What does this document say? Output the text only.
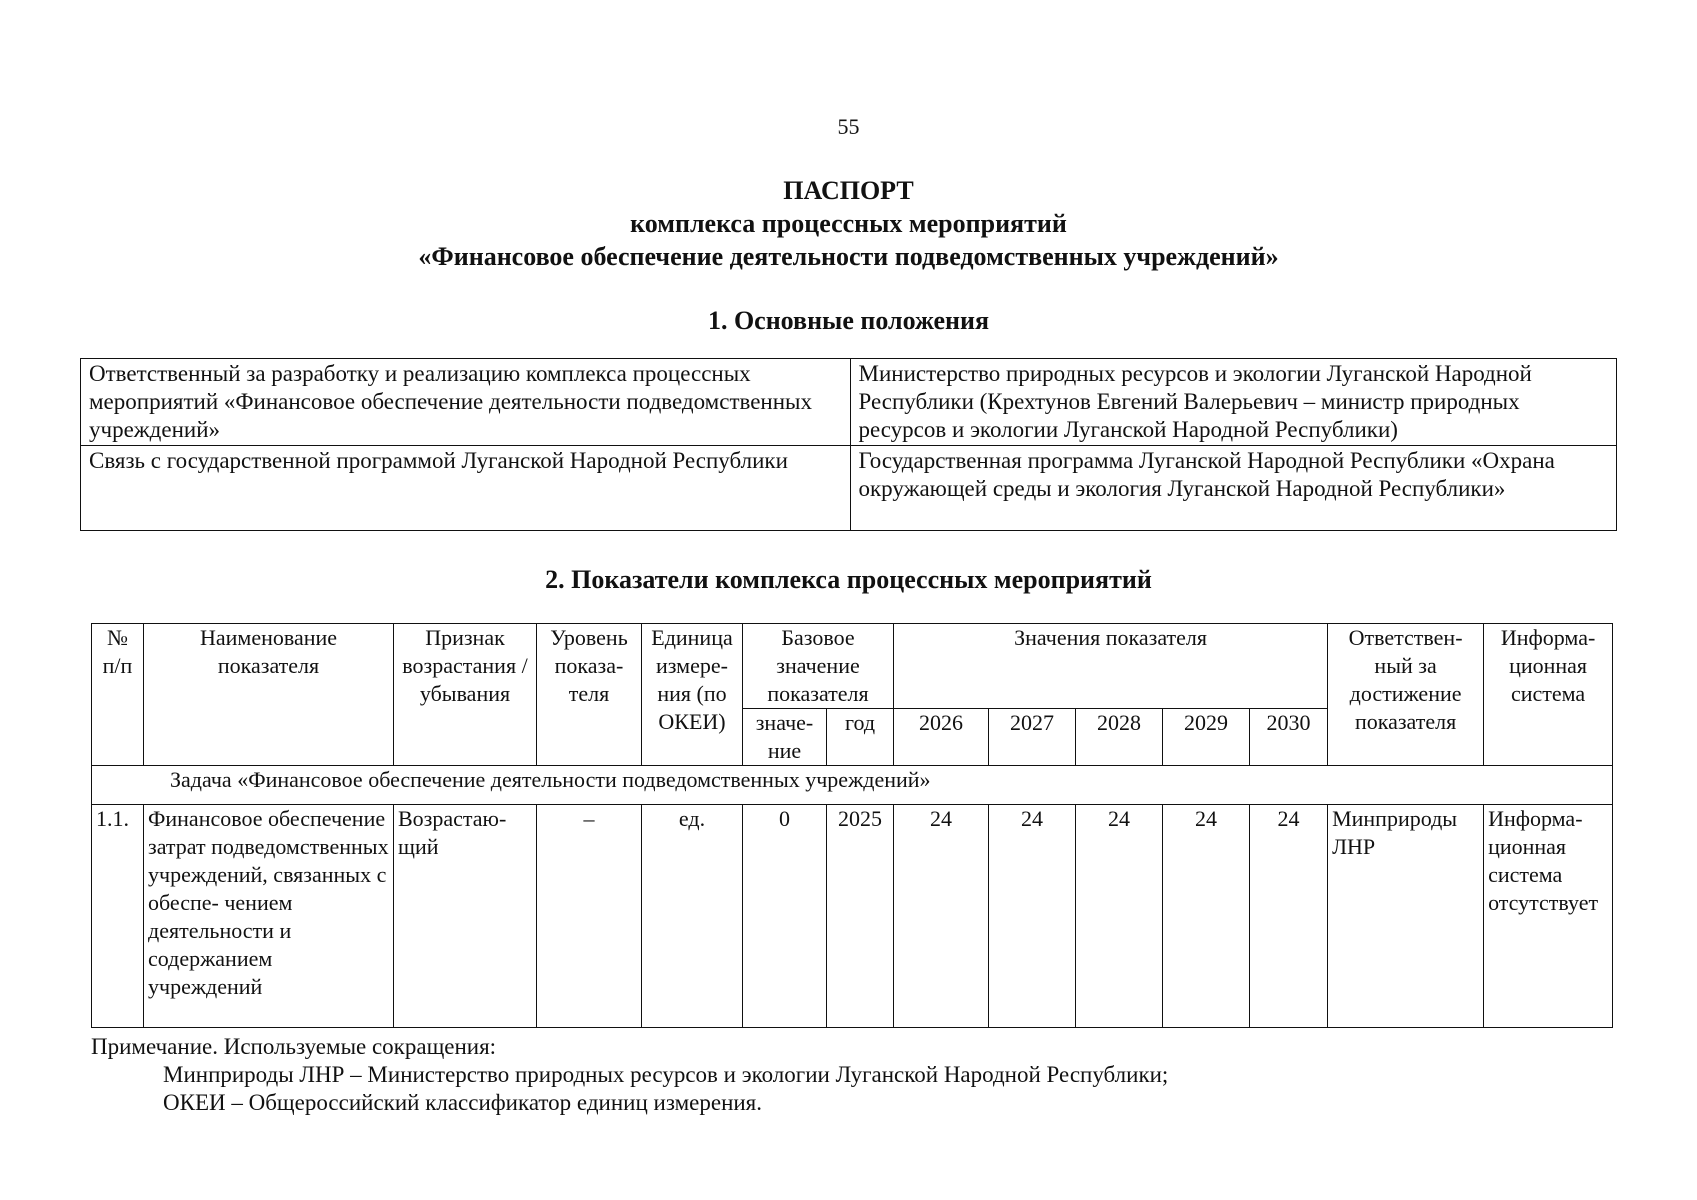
55
ПАСПОРТ
комплекса процессных мероприятий
«Финансовое обеспечение деятельности подведомственных учреждений»
1. Основные положения
Ответственный за разработку и реализацию комплекса процессных мероприятий «Финансовое обеспечение деятельности подведомственных учреждений»	Министерство природных ресурсов и экологии Луганской Народной Республики (Крехтунов Евгений Валерьевич – министр природных ресурсов и экологии Луганской Народной Республики)
Связь с государственной программой Луганской Народной Республики	Государственная программа Луганской Народной Республики «Охрана окружающей среды и экология Луганской Народной Республики»
2. Показатели комплекса процессных мероприятий
№ п/п	Наименование показателя	Признак возрастания / убывания	Уровень показа- теля	Единица измере- ния (по ОКЕИ)	Базовое значение показателя		Значения показателя					Ответствен- ный за достижение показателя	Информа- ционная система
					значе- ние	год	2026	2027	2028	2029	2030		
Задача «Финансовое обеспечение деятельности подведомственных учреждений»													
1.1.	Финансовое обеспечение затрат подведомственных учреждений, связанных с обеспе- чением деятельности и содержанием учреждений	Возрастаю- щий	–	ед.	0	2025	24	24	24	24	24	Минприроды ЛНР	Информа- ционная система отсутствует
Примечание. Используемые сокращения:
Минприроды ЛНР – Министерство природных ресурсов и экологии Луганской Народной Республики;
ОКЕИ – Общероссийский классификатор единиц измерения.
